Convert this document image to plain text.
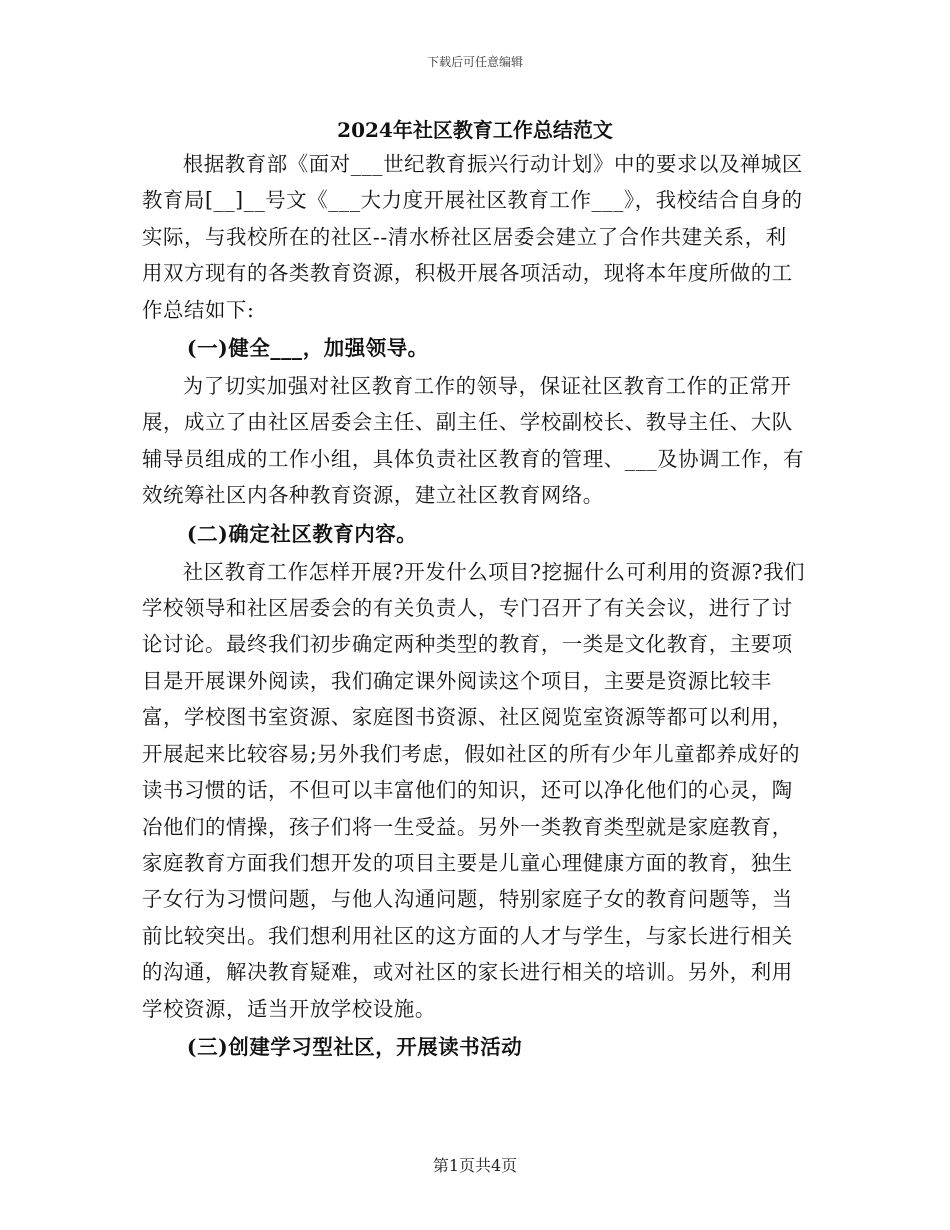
下载后可任意编辑
2024年社区教育工作总结范文

根据教育部《面对___世纪教育振兴行动计划》中的要求以及禅城区教育局[__]__号文《___大力度开展社区教育工作___》，我校结合自身的实际，与我校所在的社区--清水桥社区居委会建立了合作共建关系，利用双方现有的各类教育资源，积极开展各项活动，现将本年度所做的工作总结如下:

(一)健全___，加强领导。

为了切实加强对社区教育工作的领导，保证社区教育工作的正常开展，成立了由社区居委会主任、副主任、学校副校长、教导主任、大队辅导员组成的工作小组，具体负责社区教育的管理、___及协调工作，有效统筹社区内各种教育资源，建立社区教育网络。

(二)确定社区教育内容。

社区教育工作怎样开展?开发什么项目?挖掘什么可利用的资源?我们学校领导和社区居委会的有关负责人，专门召开了有关会议，进行了讨论讨论。最终我们初步确定两种类型的教育，一类是文化教育，主要项目是开展课外阅读，我们确定课外阅读这个项目，主要是资源比较丰富，学校图书室资源、家庭图书资源、社区阅览室资源等都可以利用，开展起来比较容易;另外我们考虑，假如社区的所有少年儿童都养成好的读书习惯的话，不但可以丰富他们的知识，还可以净化他们的心灵，陶冶他们的情操，孩子们将一生受益。另外一类教育类型就是家庭教育，家庭教育方面我们想开发的项目主要是儿童心理健康方面的教育，独生子女行为习惯问题，与他人沟通问题，特别家庭子女的教育问题等，当前比较突出。我们想利用社区的这方面的人才与学生，与家长进行相关的沟通，解决教育疑难，或对社区的家长进行相关的培训。另外，利用学校资源，适当开放学校设施。

(三)创建学习型社区，开展读书活动
第1页共4页
